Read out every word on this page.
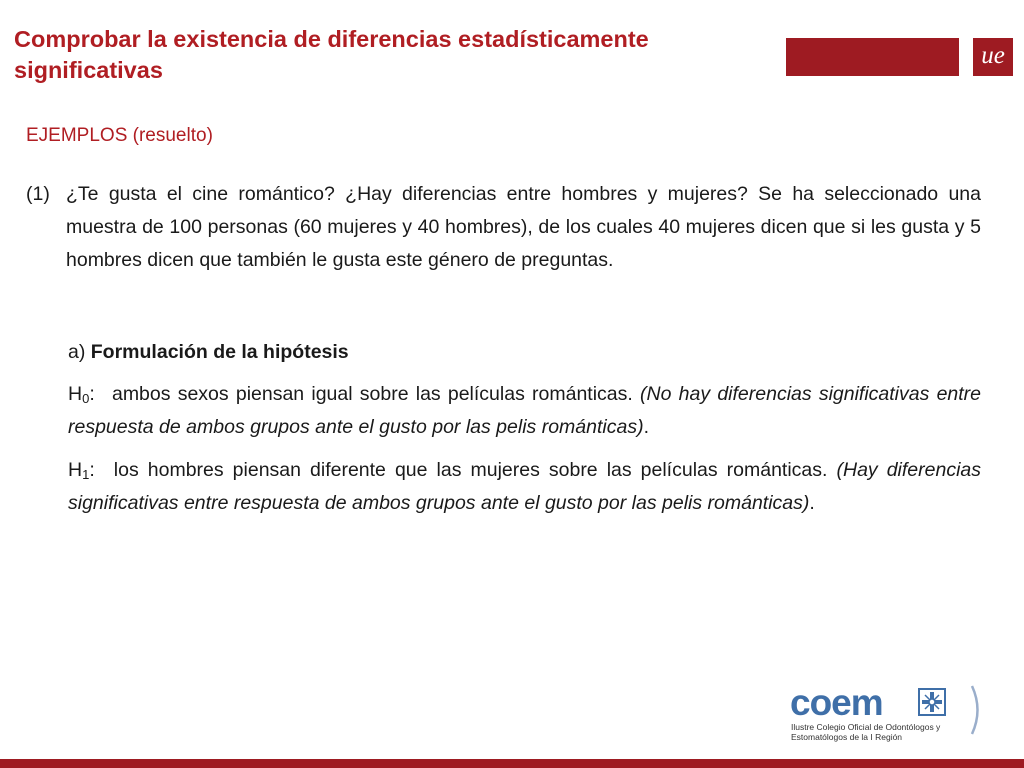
Comprobar la existencia de diferencias estadísticamente significativas
ue
EJEMPLOS (resuelto)
(1) ¿Te gusta el cine romántico? ¿Hay diferencias entre hombres y mujeres? Se ha seleccionado una muestra de 100 personas (60 mujeres y 40 hombres), de los cuales 40 mujeres dicen que si les gusta y 5 hombres dicen que también le gusta este género de preguntas.
a) Formulación de la hipótesis
$H_0$: ambos sexos piensan igual sobre las películas románticas. (No hay diferencias significativas entre respuesta de ambos grupos ante el gusto por las pelis románticas).
$H_1$: los hombres piensan diferente que las mujeres sobre las películas románticas. (Hay diferencias significativas entre respuesta de ambos grupos ante el gusto por las pelis románticas).
coem
Ilustre Colegio Oficial de Odontólogos y
Estomatólogos de la I Región
